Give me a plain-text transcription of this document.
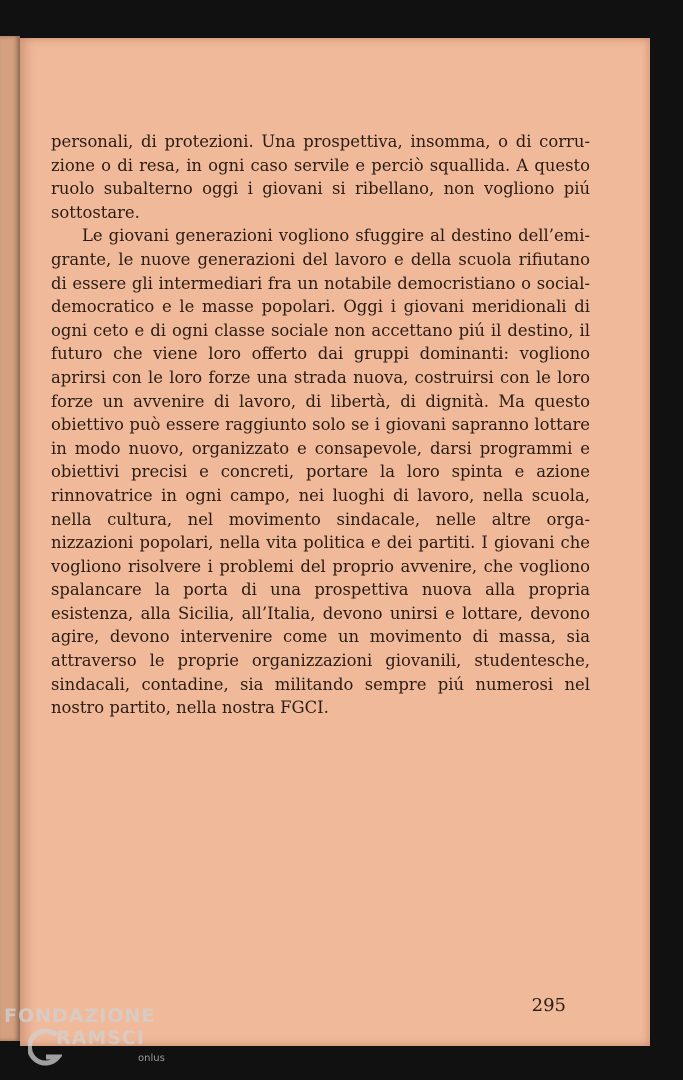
personali, di protezioni. Una prospettiva, insomma, o di corruzione o di resa, in ogni caso servile e perciò squallida. A questo ruolo subalterno oggi i giovani si ribellano, non vogliono piú sottostare.

Le giovani generazioni vogliono sfuggire al destino dell’emigrante, le nuove generazioni del lavoro e della scuola rifiutano di essere gli intermediari fra un notabile democristiano o socialdemocratico e le masse popolari. Oggi i giovani meridionali di ogni ceto e di ogni classe sociale non accettano piú il destino, il futuro che viene loro offerto dai gruppi dominanti: vogliono aprirsi con le loro forze una strada nuova, costruirsi con le loro forze un avvenire di lavoro, di libertà, di dignità. Ma questo obiettivo può essere raggiunto solo se i giovani sapranno lottare in modo nuovo, organizzato e consapevole, darsi programmi e obiettivi precisi e concreti, portare la loro spinta e azione rinnovatrice in ogni campo, nei luoghi di lavoro, nella scuola, nella cultura, nel movimento sindacale, nelle altre organizzazioni popolari, nella vita politica e dei partiti. I giovani che vogliono risolvere i problemi del proprio avvenire, che vogliono spalancare la porta di una prospettiva nuova alla propria esistenza, alla Sicilia, all’Italia, devono unirsi e lottare, devono agire, devono intervenire come un movimento di massa, sia attraverso le proprie organizzazioni giovanili, studentesche, sindacali, contadine, sia militando sempre piú numerosi nel nostro partito, nella nostra FGCI.

295
FONDAZIONE
RAMSCI
onlus
